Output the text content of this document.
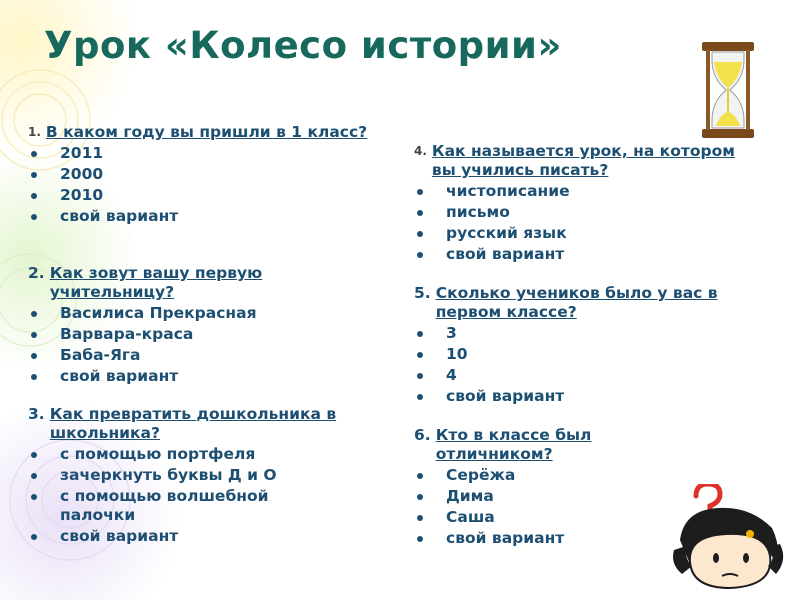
Урок «Колесо истории»
1. В каком году вы пришли в 1 класс?
2011
2000
2010
свой вариант
2. Как зовут вашу первую учительницу?
Василиса Прекрасная
Варвара-краса
Баба-Яга
свой вариант
3. Как превратить дошкольника в школьника?
с помощью портфеля
зачеркнуть буквы Д и О
с помощью волшебной палочки
свой вариант
4. Как называется урок, на котором вы учились писать?
чистописание
письмо
русский язык
свой вариант
5. Сколько учеников было у вас в первом классе?
3
10
4
свой вариант
6. Кто в классе был отличником?
Серёжа
Дима
Саша
свой вариант
